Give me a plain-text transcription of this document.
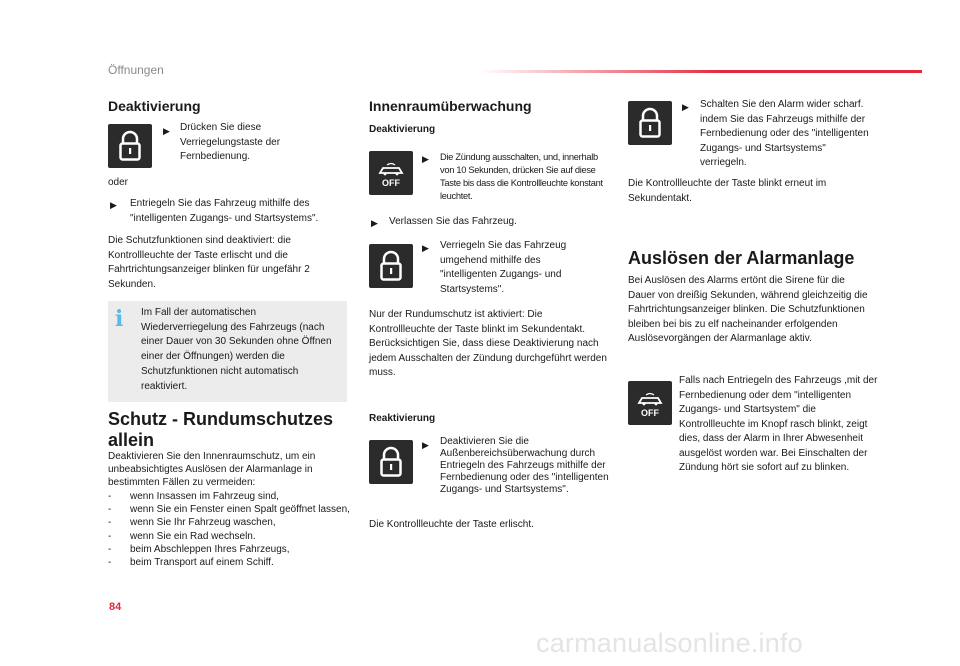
Öffnungen
Deaktivierung
▶ Drücken Sie diese Verriegelungstaste der Fernbedienung.
oder
▶ Entriegeln Sie das Fahrzeug mithilfe des "intelligenten Zugangs- und Startsystems".
Die Schutzfunktionen sind deaktiviert: die Kontrollleuchte der Taste erlischt und die Fahrtrichtungsanzeiger blinken für ungefähr 2 Sekunden.
i	Im Fall der automatischen Wiederverriegelung des Fahrzeugs (nach einer Dauer von 30 Sekunden ohne Öffnen einer der Öffnungen) werden die Schutzfunktionen nicht automatisch reaktiviert.
Schutz - Rundumschutzes allein
Deaktivieren Sie den Innenraumschutz, um ein unbeabsichtigtes Auslösen der Alarmanlage in bestimmten Fällen zu vermeiden:
- wenn Insassen im Fahrzeug sind,
- wenn Sie ein Fenster einen Spalt geöffnet lassen,
- wenn Sie Ihr Fahrzeug waschen,
- wenn Sie ein Rad wechseln.
- beim Abschleppen Ihres Fahrzeugs,
- beim Transport auf einem Schiff.
Innenraumüberwachung
Deaktivierung
OFF
▶ Die Zündung ausschalten, und, innerhalb von 10 Sekunden, drücken Sie auf diese Taste bis dass die Kontrollleuchte konstant leuchtet.
▶ Verlassen Sie das Fahrzeug.
▶ Verriegeln Sie das Fahrzeug umgehend mithilfe des "intelligenten Zugangs- und Startsystems".
Nur der Rundumschutz ist aktiviert: Die Kontrollleuchte der Taste blinkt im Sekundentakt. Berücksichtigen Sie, dass diese Deaktivierung nach jedem Ausschalten der Zündung durchgeführt werden muss.
Reaktivierung
▶ Deaktivieren Sie die Außenbereichsüberwachung durch Entriegeln des Fahrzeugs mithilfe der Fernbedienung oder des "intelligenten Zugangs- und Startsystems".
Die Kontrollleuchte der Taste erlischt.
▶ Schalten Sie den Alarm wider scharf. indem Sie das Fahrzeugs mithilfe der Fernbedienung oder des "intelligenten Zugangs- und Startsystems" verriegeln.
Die Kontrollleuchte der Taste blinkt erneut im Sekundentakt.
Auslösen der Alarmanlage
Bei Auslösen des Alarms ertönt die Sirene für die Dauer von dreißig Sekunden, während gleichzeitig die Fahrtrichtungsanzeiger blinken. Die Schutzfunktionen bleiben bei bis zu elf nacheinander erfolgenden Auslösevorgängen der Alarmanlage aktiv.
OFF
Falls nach Entriegeln des Fahrzeugs ,mit der Fernbedienung oder dem "intelligenten Zugangs- und Startsystem" die Kontrollleuchte im Knopf rasch blinkt, zeigt dies, dass der Alarm in Ihrer Abwesenheit ausgelöst worden war. Bei Einschalten der Zündung hört sie sofort auf zu blinken.
84
carmanualsonline.info
